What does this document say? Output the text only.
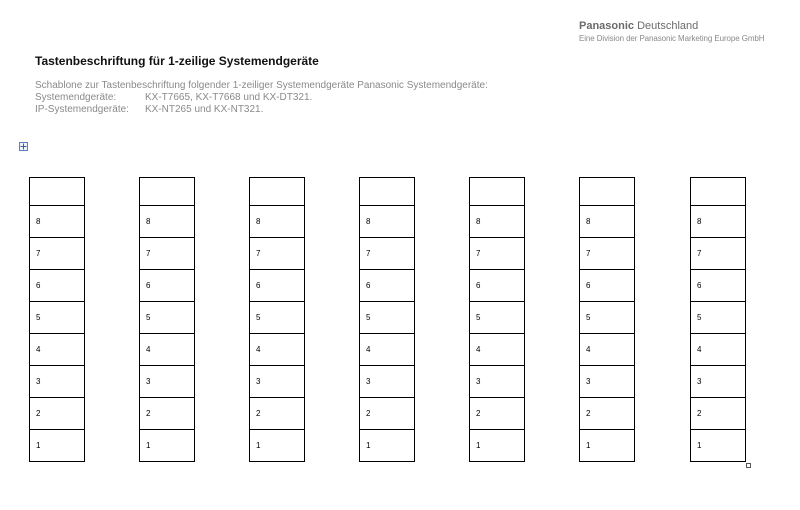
Panasonic Deutschland
Eine Division der Panasonic Marketing Europe GmbH
Tastenbeschriftung für 1-zeilige Systemendgeräte
Schablone zur Tastenbeschriftung folgender 1-zeiliger Systemendgeräte Panasonic Systemendgeräte:
Systemendgeräte:	KX-T7665, KX-T7668 und KX-DT321.
IP-Systemendgeräte:	KX-NT265 und KX-NT321.
8
7
6
5
4
3
2
1
8
7
6
5
4
3
2
1
8
7
6
5
4
3
2
1
8
7
6
5
4
3
2
1
8
7
6
5
4
3
2
1
8
7
6
5
4
3
2
1
8
7
6
5
4
3
2
1
